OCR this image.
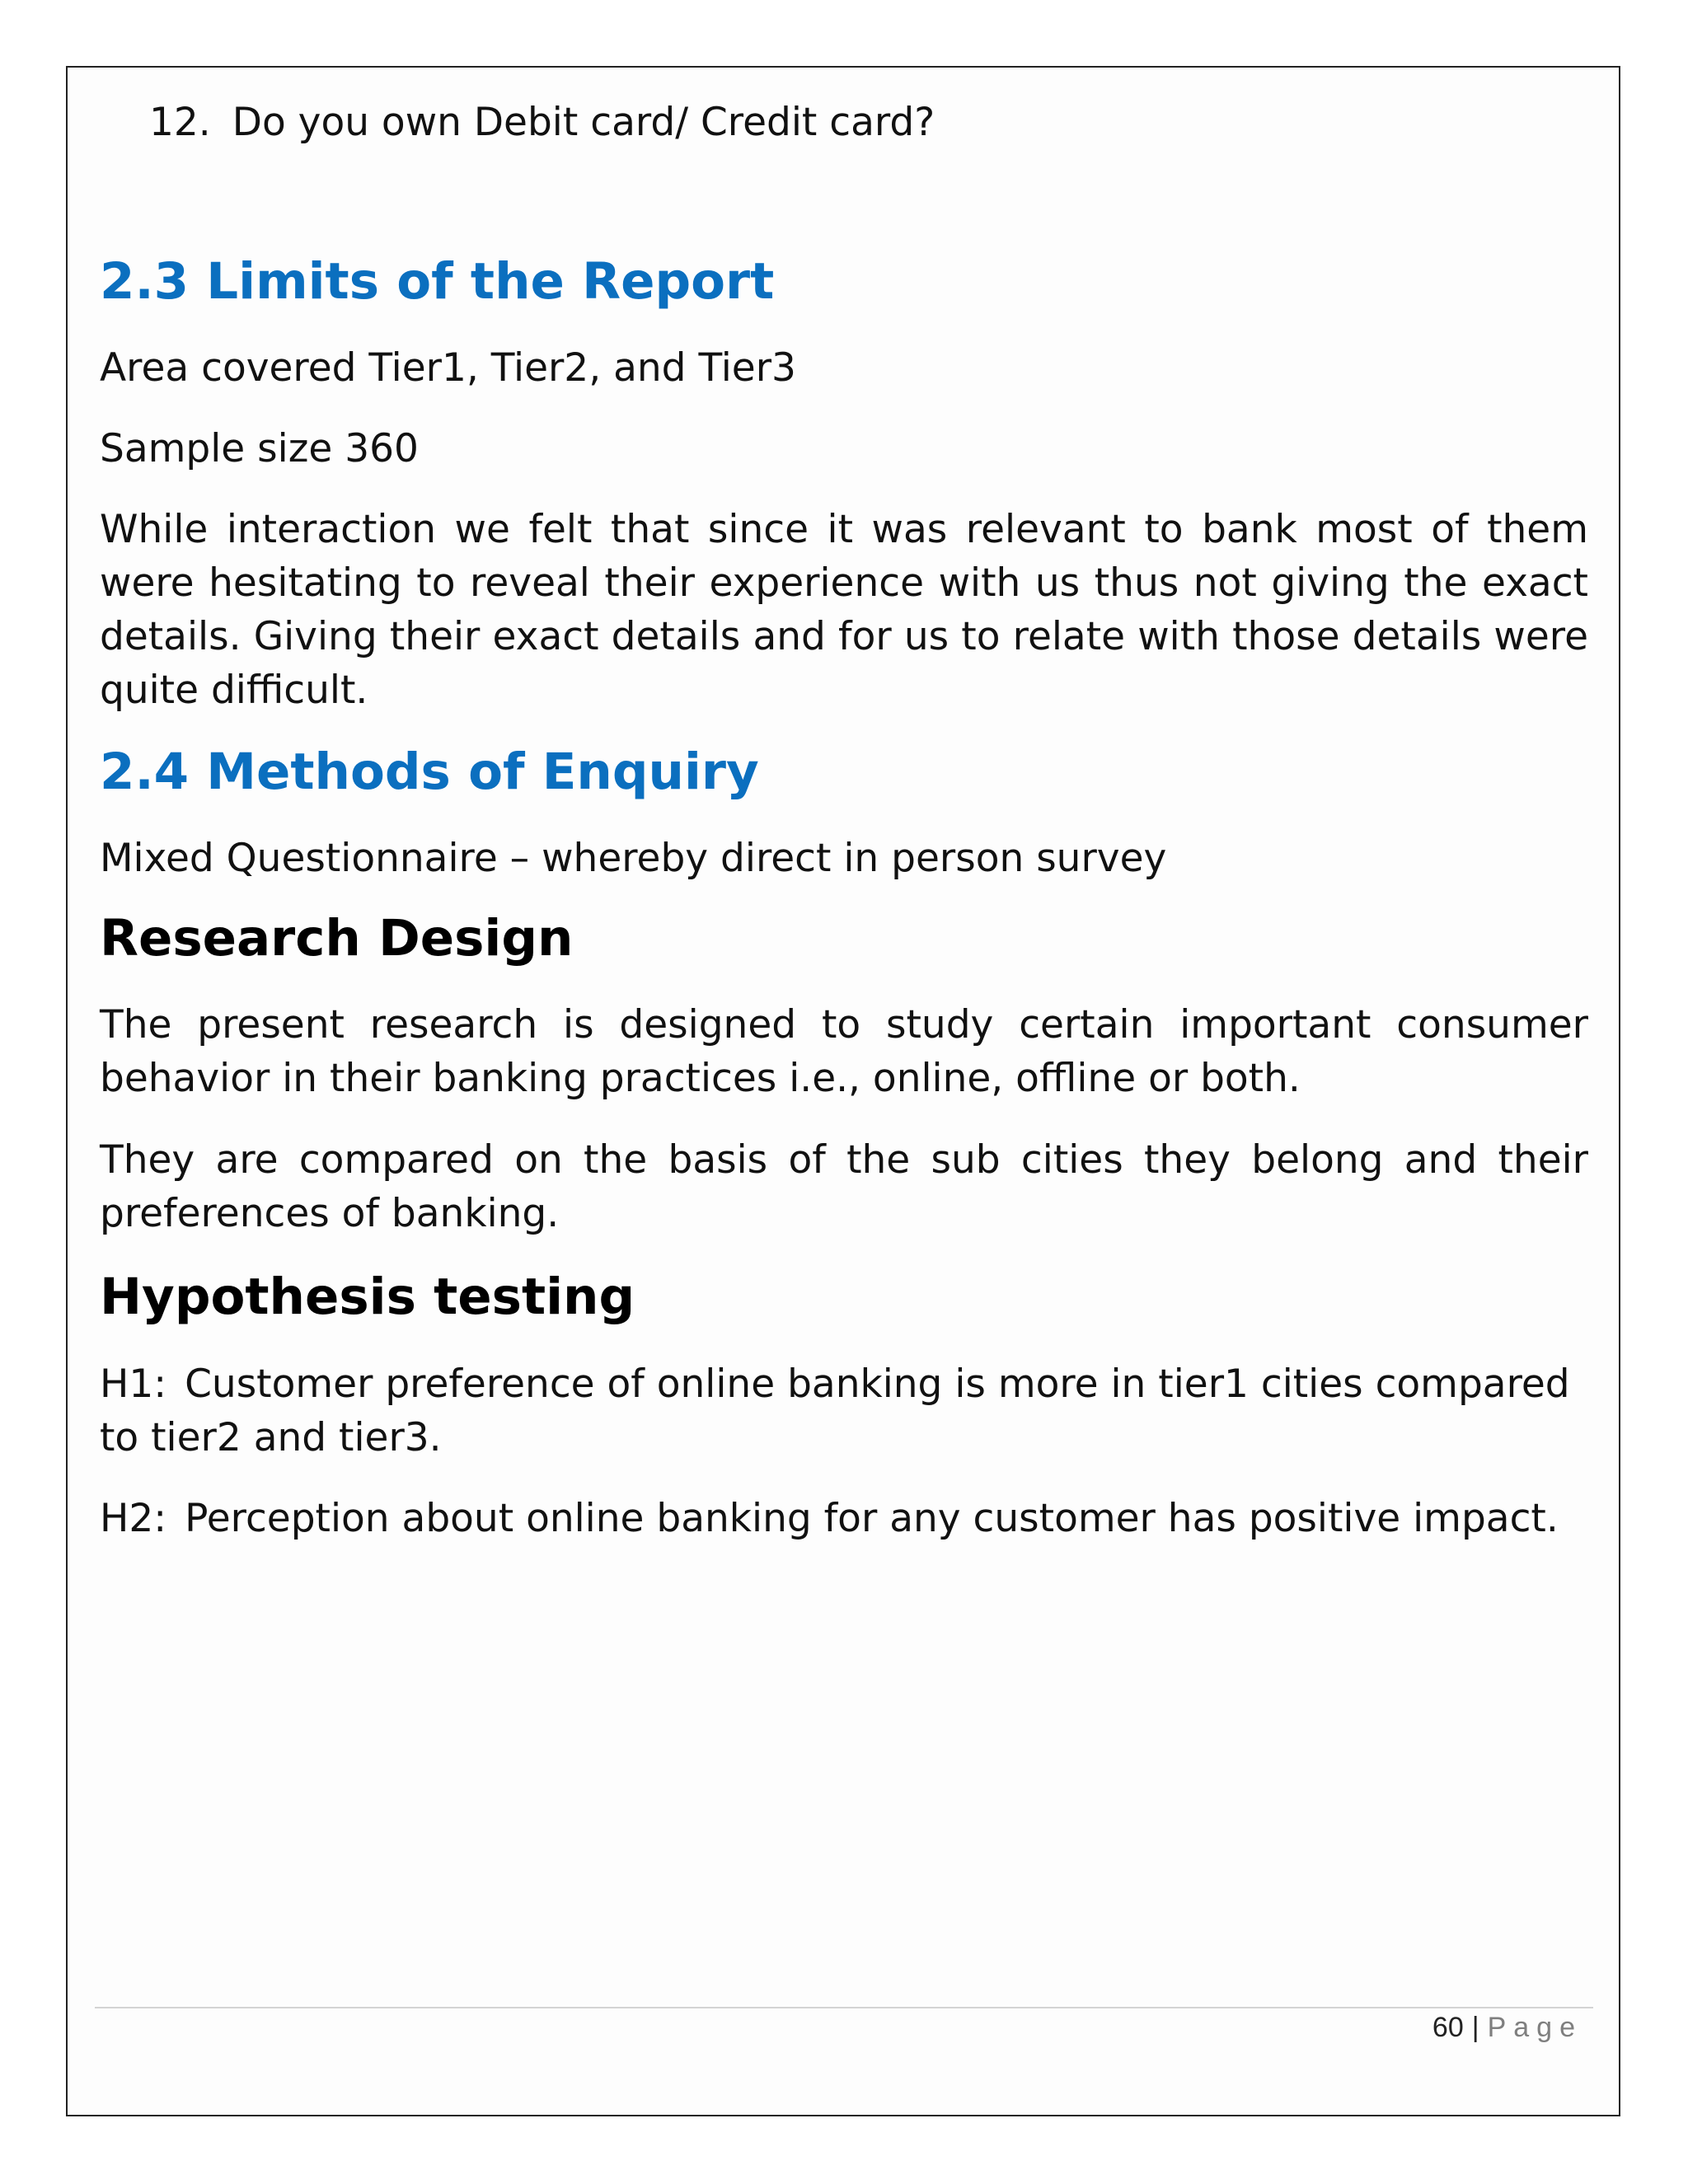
12. Do you own Debit card/ Credit card?
2.3 Limits of the Report

Area covered Tier1, Tier2, and Tier3

Sample size 360

While interaction we felt that since it was relevant to bank most of them were hesitating to reveal their experience with us thus not giving the exact details. Giving their exact details and for us to relate with those details were quite difficult.

2.4 Methods of Enquiry

Mixed Questionnaire – whereby direct in person survey

Research Design

The present research is designed to study certain important consumer behavior in their banking practices i.e., online, offline or both.

They are compared on the basis of the sub cities they belong and their preferences of banking.

Hypothesis testing

H1: Customer preference of online banking is more in tier1 cities compared to tier2 and tier3.

H2: Perception about online banking for any customer has positive impact.

60 | Page
